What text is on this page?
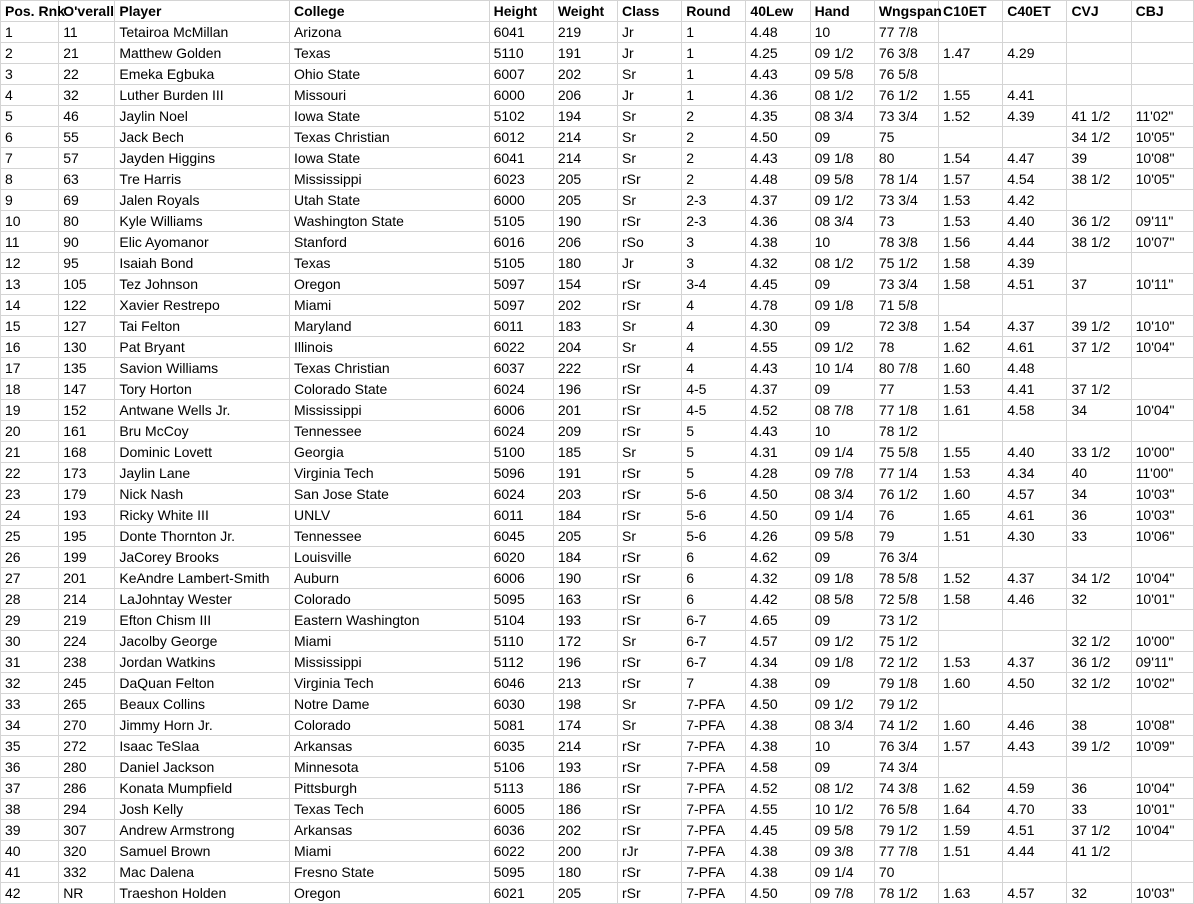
Pos. Rnk	O'verall	Player	College	Height	Weight	Class	Round	40Lew	Hand	Wngspan	C10ET	C40ET	CVJ	CBJ
1	11	Tetairoa McMillan	Arizona	6041	219	Jr	1	4.48	10	77 7/8				
2	21	Matthew Golden	Texas	5110	191	Jr	1	4.25	09 1/2	76 3/8	1.47	4.29		
3	22	Emeka Egbuka	Ohio State	6007	202	Sr	1	4.43	09 5/8	76 5/8				
4	32	Luther Burden III	Missouri	6000	206	Jr	1	4.36	08 1/2	76 1/2	1.55	4.41		
5	46	Jaylin Noel	Iowa State	5102	194	Sr	2	4.35	08 3/4	73 3/4	1.52	4.39	41 1/2	11'02"
6	55	Jack Bech	Texas Christian	6012	214	Sr	2	4.50	09	75			34 1/2	10'05"
7	57	Jayden Higgins	Iowa State	6041	214	Sr	2	4.43	09 1/8	80	1.54	4.47	39	10'08"
8	63	Tre Harris	Mississippi	6023	205	rSr	2	4.48	09 5/8	78 1/4	1.57	4.54	38 1/2	10'05"
9	69	Jalen Royals	Utah State	6000	205	Sr	2-3	4.37	09 1/2	73 3/4	1.53	4.42		
10	80	Kyle Williams	Washington State	5105	190	rSr	2-3	4.36	08 3/4	73	1.53	4.40	36 1/2	09'11"
11	90	Elic Ayomanor	Stanford	6016	206	rSo	3	4.38	10	78 3/8	1.56	4.44	38 1/2	10'07"
12	95	Isaiah Bond	Texas	5105	180	Jr	3	4.32	08 1/2	75 1/2	1.58	4.39		
13	105	Tez Johnson	Oregon	5097	154	rSr	3-4	4.45	09	73 3/4	1.58	4.51	37	10'11"
14	122	Xavier Restrepo	Miami	5097	202	rSr	4	4.78	09 1/8	71 5/8				
15	127	Tai Felton	Maryland	6011	183	Sr	4	4.30	09	72 3/8	1.54	4.37	39 1/2	10'10"
16	130	Pat Bryant	Illinois	6022	204	Sr	4	4.55	09 1/2	78	1.62	4.61	37 1/2	10'04"
17	135	Savion Williams	Texas Christian	6037	222	rSr	4	4.43	10 1/4	80 7/8	1.60	4.48		
18	147	Tory Horton	Colorado State	6024	196	rSr	4-5	4.37	09	77	1.53	4.41	37 1/2	
19	152	Antwane Wells Jr.	Mississippi	6006	201	rSr	4-5	4.52	08 7/8	77 1/8	1.61	4.58	34	10'04"
20	161	Bru McCoy	Tennessee	6024	209	rSr	5	4.43	10	78 1/2				
21	168	Dominic Lovett	Georgia	5100	185	Sr	5	4.31	09 1/4	75 5/8	1.55	4.40	33 1/2	10'00"
22	173	Jaylin Lane	Virginia Tech	5096	191	rSr	5	4.28	09 7/8	77 1/4	1.53	4.34	40	11'00"
23	179	Nick Nash	San Jose State	6024	203	rSr	5-6	4.50	08 3/4	76 1/2	1.60	4.57	34	10'03"
24	193	Ricky White III	UNLV	6011	184	rSr	5-6	4.50	09 1/4	76	1.65	4.61	36	10'03"
25	195	Donte Thornton Jr.	Tennessee	6045	205	Sr	5-6	4.26	09 5/8	79	1.51	4.30	33	10'06"
26	199	JaCorey Brooks	Louisville	6020	184	rSr	6	4.62	09	76 3/4				
27	201	KeAndre Lambert-Smith	Auburn	6006	190	rSr	6	4.32	09 1/8	78 5/8	1.52	4.37	34 1/2	10'04"
28	214	LaJohntay Wester	Colorado	5095	163	rSr	6	4.42	08 5/8	72 5/8	1.58	4.46	32	10'01"
29	219	Efton Chism III	Eastern Washington	5104	193	rSr	6-7	4.65	09	73 1/2				
30	224	Jacolby George	Miami	5110	172	Sr	6-7	4.57	09 1/2	75 1/2			32 1/2	10'00"
31	238	Jordan Watkins	Mississippi	5112	196	rSr	6-7	4.34	09 1/8	72 1/2	1.53	4.37	36 1/2	09'11"
32	245	DaQuan Felton	Virginia Tech	6046	213	rSr	7	4.38	09	79 1/8	1.60	4.50	32 1/2	10'02"
33	265	Beaux Collins	Notre Dame	6030	198	Sr	7-PFA	4.50	09 1/2	79 1/2				
34	270	Jimmy Horn Jr.	Colorado	5081	174	Sr	7-PFA	4.38	08 3/4	74 1/2	1.60	4.46	38	10'08"
35	272	Isaac TeSlaa	Arkansas	6035	214	rSr	7-PFA	4.38	10	76 3/4	1.57	4.43	39 1/2	10'09"
36	280	Daniel Jackson	Minnesota	5106	193	rSr	7-PFA	4.58	09	74 3/4				
37	286	Konata Mumpfield	Pittsburgh	5113	186	rSr	7-PFA	4.52	08 1/2	74 3/8	1.62	4.59	36	10'04"
38	294	Josh Kelly	Texas Tech	6005	186	rSr	7-PFA	4.55	10 1/2	76 5/8	1.64	4.70	33	10'01"
39	307	Andrew Armstrong	Arkansas	6036	202	rSr	7-PFA	4.45	09 5/8	79 1/2	1.59	4.51	37 1/2	10'04"
40	320	Samuel Brown	Miami	6022	200	rJr	7-PFA	4.38	09 3/8	77 7/8	1.51	4.44	41 1/2	
41	332	Mac Dalena	Fresno State	5095	180	rSr	7-PFA	4.38	09 1/4	70				
42	NR	Traeshon Holden	Oregon	6021	205	rSr	7-PFA	4.50	09 7/8	78 1/2	1.63	4.57	32	10'03"
